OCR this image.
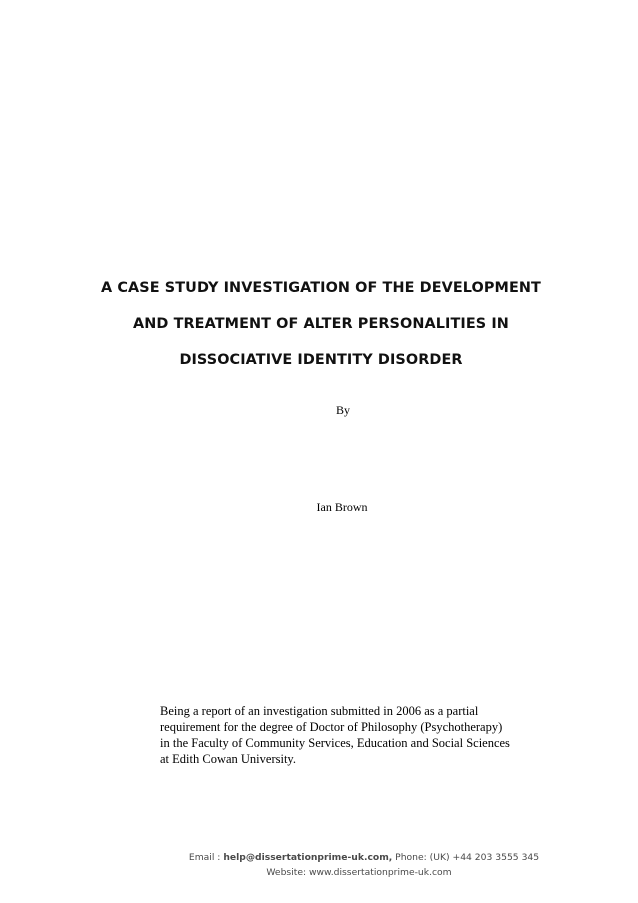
A CASE STUDY INVESTIGATION OF THE DEVELOPMENT
AND TREATMENT OF ALTER PERSONALITIES IN
DISSOCIATIVE IDENTITY DISORDER
By
Ian Brown
Being a report of an investigation submitted in 2006 as a partial
requirement for the degree of Doctor of Philosophy (Psychotherapy)
in the Faculty of Community Services, Education and Social Sciences
at Edith Cowan University.
Email : help@dissertationprime-uk.com, Phone: (UK) +44 203 3555 345
Website: www.dissertationprime-uk.com
